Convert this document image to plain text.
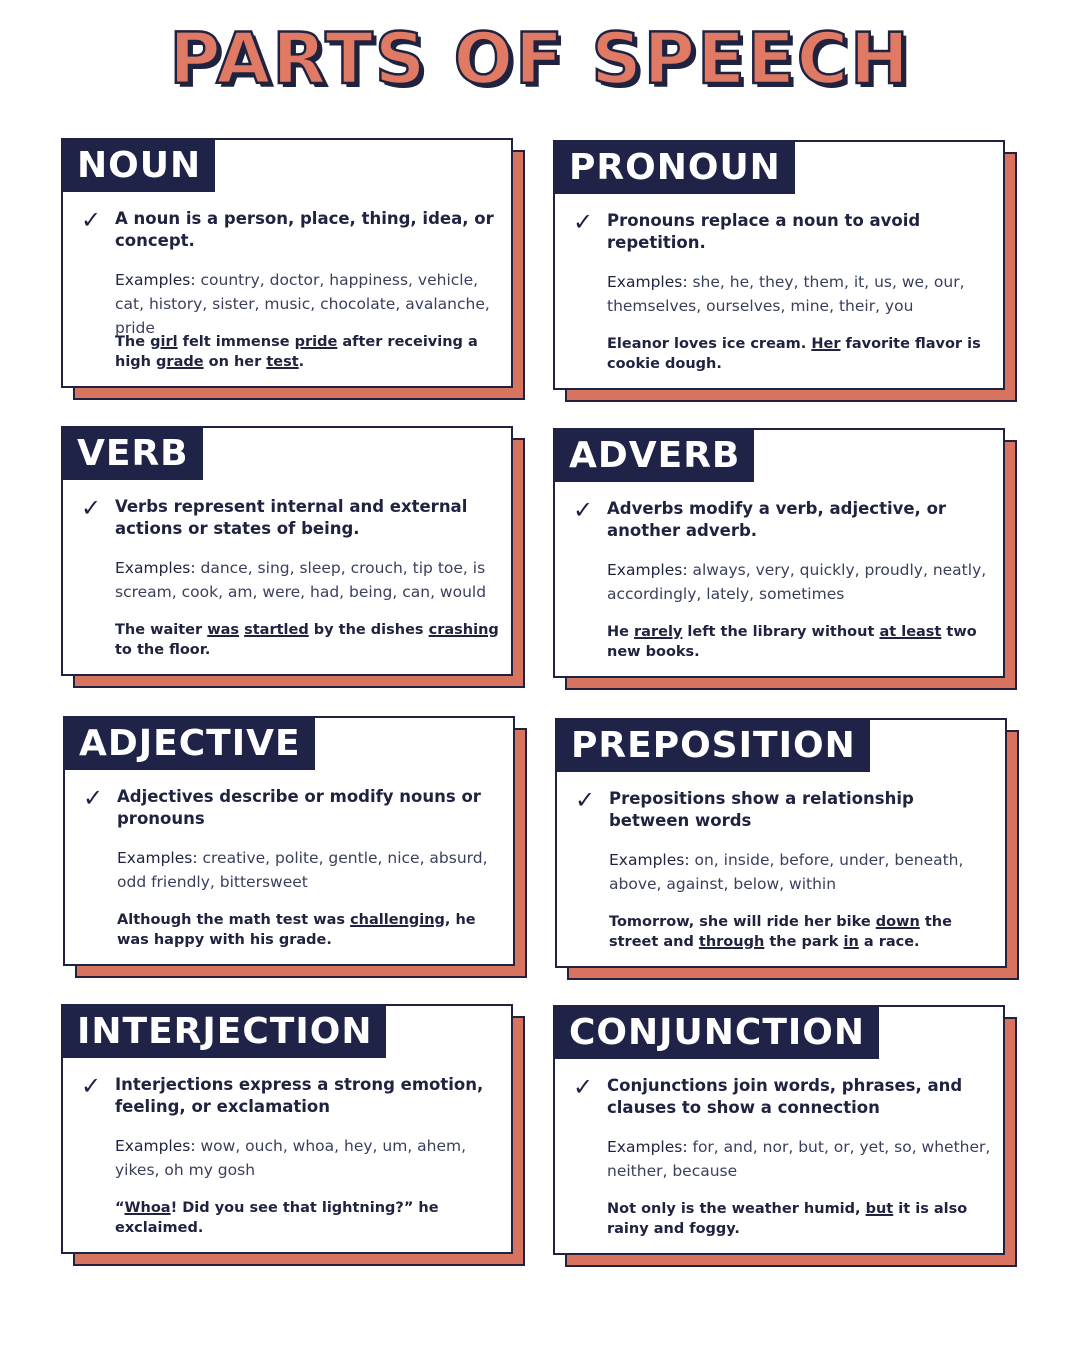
PARTS OF SPEECH
NOUN
✓ A noun is a person, place, thing, idea, or concept.
Examples: country, doctor, happiness, vehicle, cat, history, sister, music, chocolate, avalanche, pride
The girl felt immense pride after receiving a high grade on her test.
PRONOUN
✓ Pronouns replace a noun to avoid repetition.
Examples: she, he, they, them, it, us, we, our, themselves, ourselves, mine, their, you
Eleanor loves ice cream. Her favorite flavor is cookie dough.
VERB
✓ Verbs represent internal and external actions or states of being.
Examples: dance, sing, sleep, crouch, tip toe, is scream, cook, am, were, had, being, can, would
The waiter was startled by the dishes crashing to the floor.
ADVERB
✓ Adverbs modify a verb, adjective, or another adverb.
Examples: always, very, quickly, proudly, neatly, accordingly, lately, sometimes
He rarely left the library without at least two new books.
ADJECTIVE
✓ Adjectives describe or modify nouns or pronouns
Examples: creative, polite, gentle, nice, absurd, odd friendly, bittersweet
Although the math test was challenging, he was happy with his grade.
PREPOSITION
✓ Prepositions show a relationship between words
Examples: on, inside, before, under, beneath, above, against, below, within
Tomorrow, she will ride her bike down the street and through the park in a race.
INTERJECTION
✓ Interjections express a strong emotion, feeling, or exclamation
Examples: wow, ouch, whoa, hey, um, ahem, yikes, oh my gosh
“Whoa! Did you see that lightning?” he exclaimed.
CONJUNCTION
✓ Conjunctions join words, phrases, and clauses to show a connection
Examples: for, and, nor, but, or, yet, so, whether, neither, because
Not only is the weather humid, but it is also rainy and foggy.
